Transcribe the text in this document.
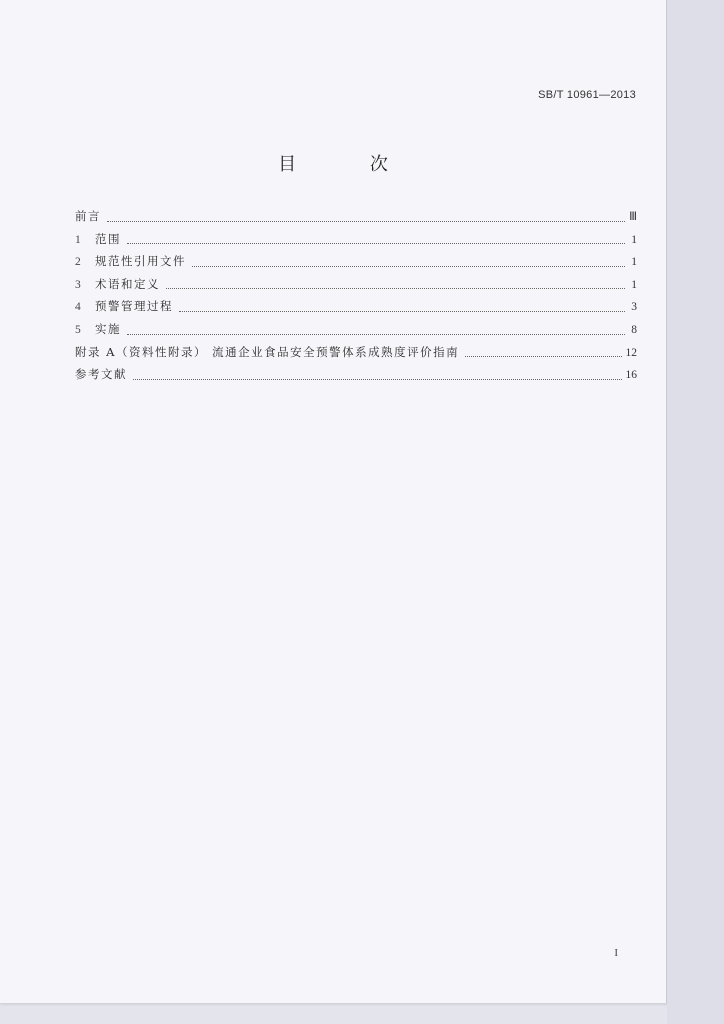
SB/T 10961—2013
目 次
前言	Ⅲ
1	范围	1
2	规范性引用文件	1
3	术语和定义	1
4	预警管理过程	3
5	实施	8
附录 A（资料性附录） 流通企业食品安全预警体系成熟度评价指南	12
参考文献	16
I
